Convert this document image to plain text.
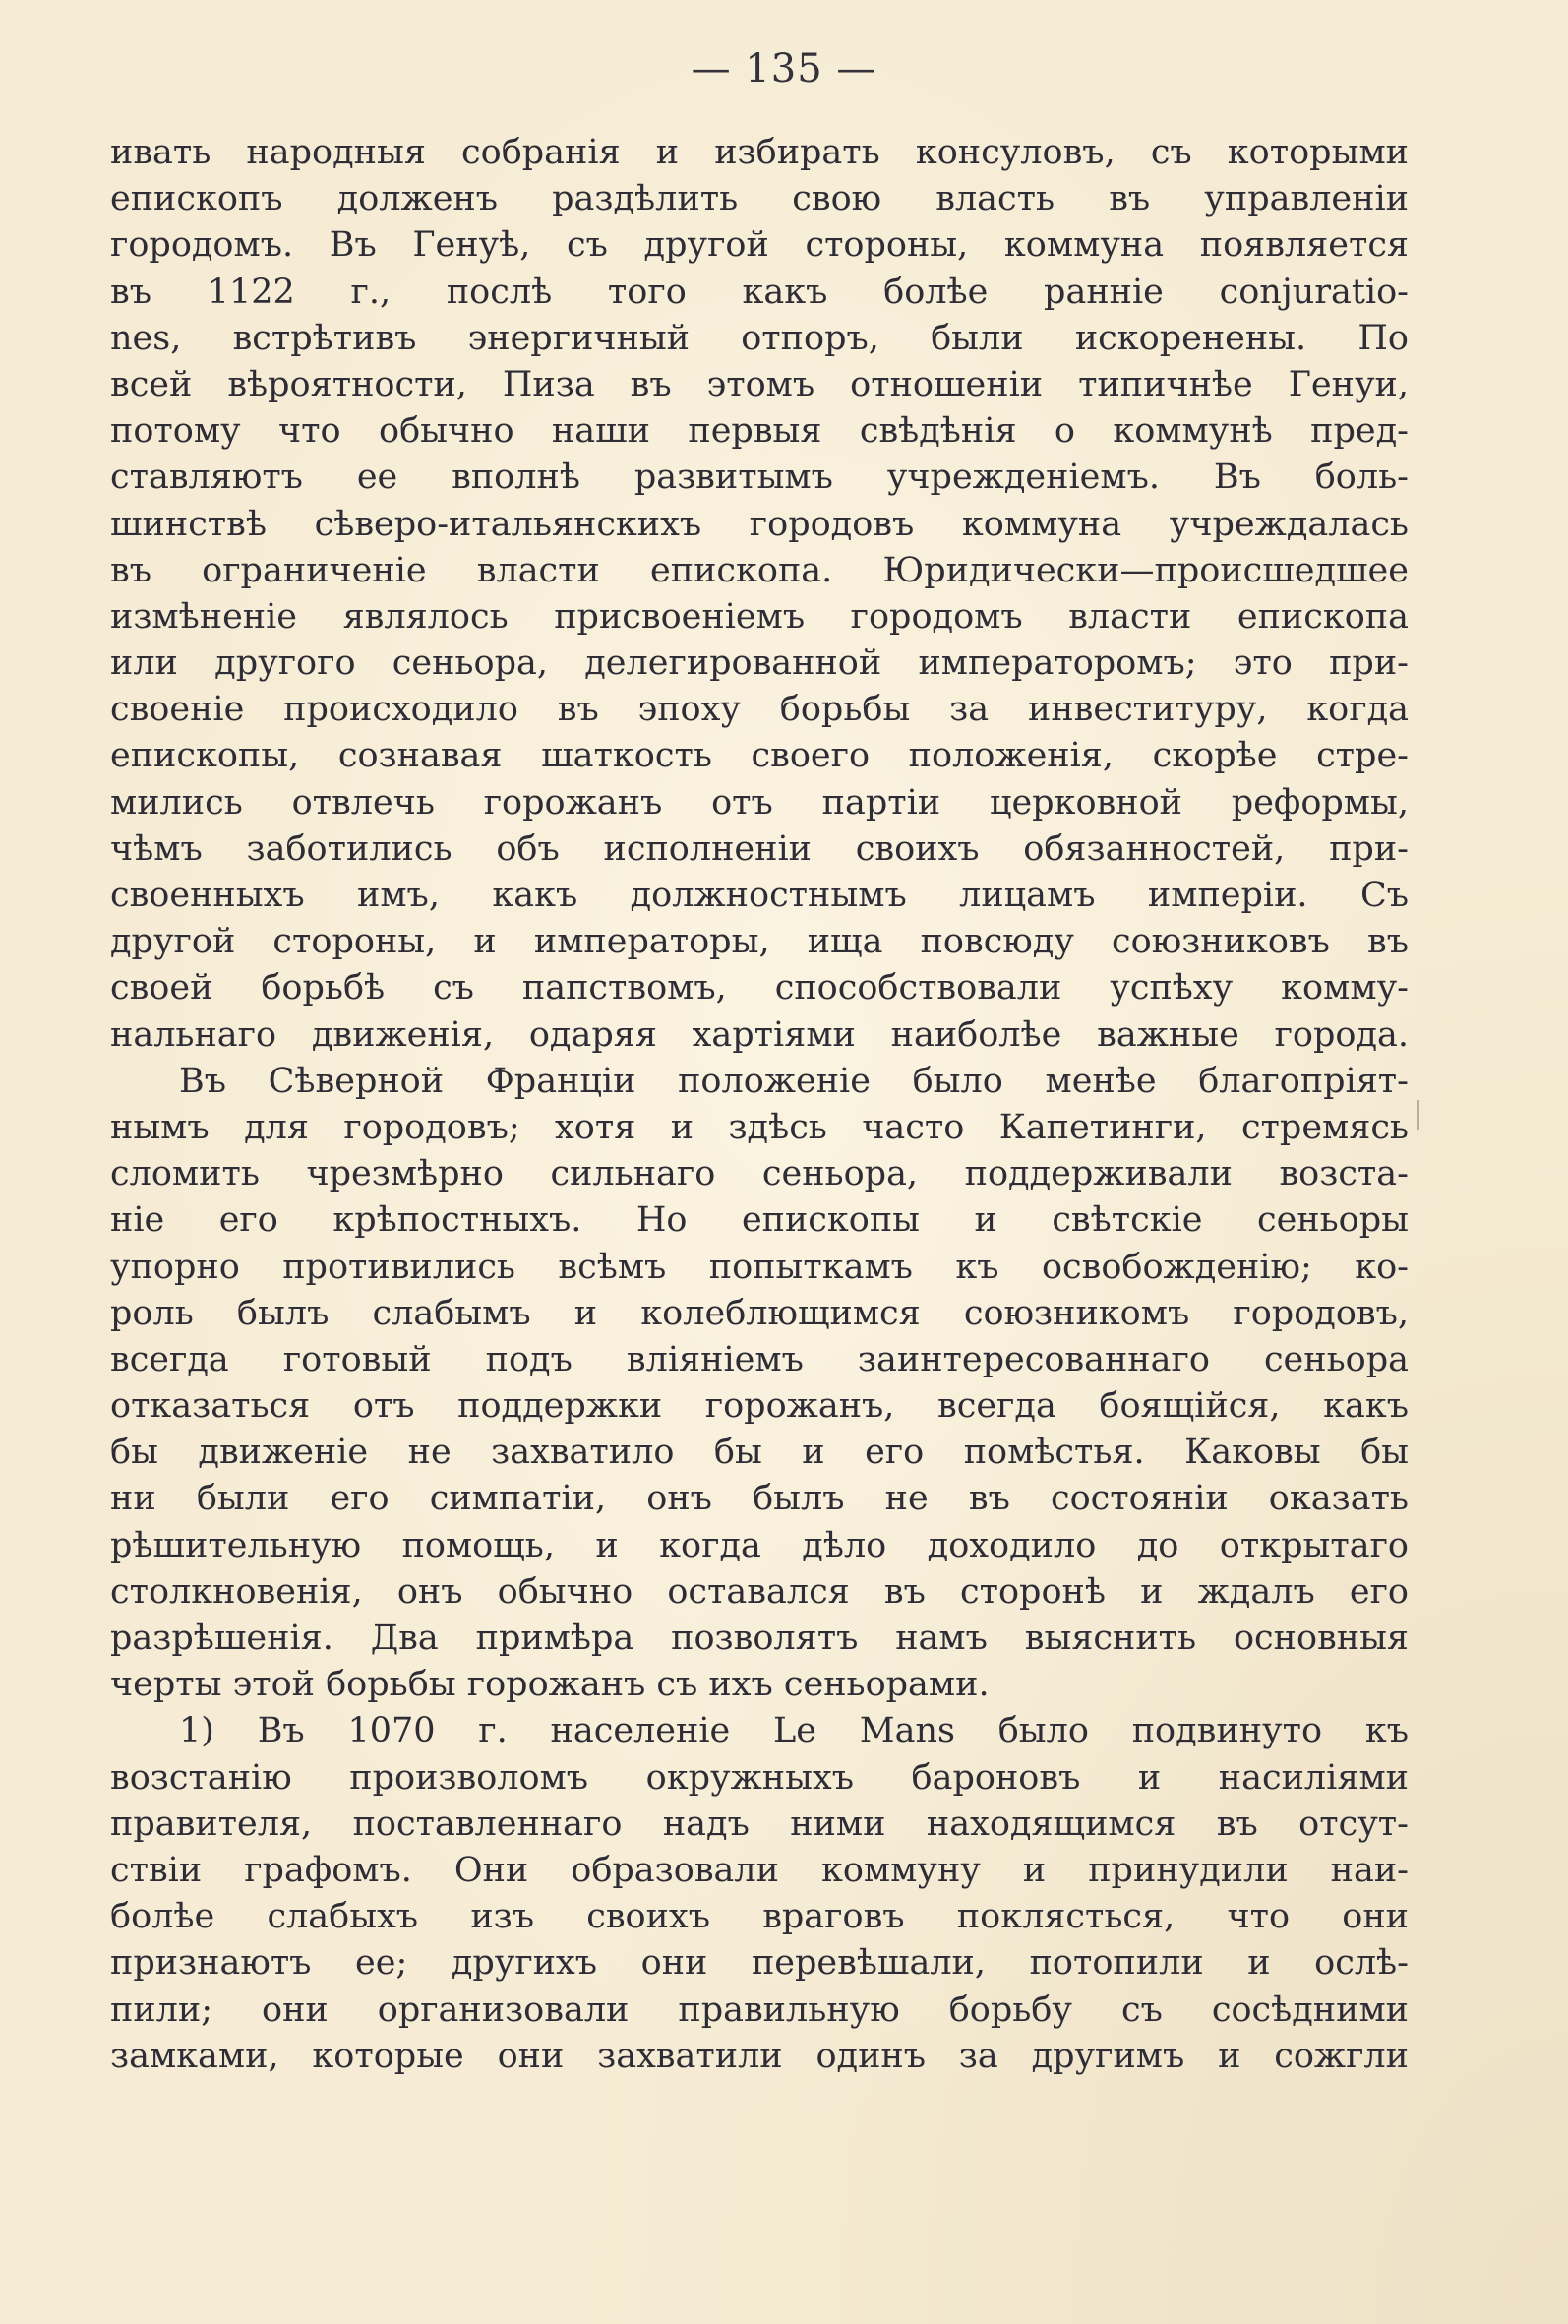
— 135 —
ивать народныя собранія и избирать консуловъ, съ которыми
епископъ долженъ раздѣлить свою власть въ управленіи
городомъ. Въ Генуѣ, съ другой стороны, коммуна появляется
въ 1122 г., послѣ того какъ болѣе ранніе conjuratio-
nes, встрѣтивъ энергичный отпоръ, были искоренены. По
всей вѣроятности, Пиза въ этомъ отношеніи типичнѣе Генуи,
потому что обычно наши первыя свѣдѣнія о коммунѣ пред-
ставляютъ ее вполнѣ развитымъ учрежденіемъ. Въ боль-
шинствѣ сѣверо-итальянскихъ городовъ коммуна учреждалась
въ ограниченіе власти епископа. Юридически—происшедшее
измѣненіе являлось присвоеніемъ городомъ власти епископа
или другого сеньора, делегированной императоромъ; это при-
своеніе происходило въ эпоху борьбы за инвеституру, когда
епископы, сознавая шаткость своего положенія, скорѣе стре-
мились отвлечь горожанъ отъ партіи церковной реформы,
чѣмъ заботились объ исполненіи своихъ обязанностей, при-
своенныхъ имъ, какъ должностнымъ лицамъ имперіи. Съ
другой стороны, и императоры, ища повсюду союзниковъ въ
своей борьбѣ съ папствомъ, способствовали успѣху комму-
нальнаго движенія, одаряя хартіями наиболѣе важные города.
Въ Сѣверной Франціи положеніе было менѣе благопріят-
нымъ для городовъ; хотя и здѣсь часто Капетинги, стремясь
сломить чрезмѣрно сильнаго сеньора, поддерживали возста-
ніе его крѣпостныхъ. Но епископы и свѣтскіе сеньоры
упорно противились всѣмъ попыткамъ къ освобожденію; ко-
роль былъ слабымъ и колеблющимся союзникомъ городовъ,
всегда готовый подъ вліяніемъ заинтересованнаго сеньора
отказаться отъ поддержки горожанъ, всегда боящійся, какъ
бы движеніе не захватило бы и его помѣстья. Каковы бы
ни были его симпатіи, онъ былъ не въ состояніи оказать
рѣшительную помощь, и когда дѣло доходило до открытаго
столкновенія, онъ обычно оставался въ сторонѣ и ждалъ его
разрѣшенія. Два примѣра позволятъ намъ выяснить основныя
черты этой борьбы горожанъ съ ихъ сеньорами.
1) Въ 1070 г. населеніе Le Mans было подвинуто къ
возстанію произволомъ окружныхъ бароновъ и насиліями
правителя, поставленнаго надъ ними находящимся въ отсут-
ствіи графомъ. Они образовали коммуну и принудили наи-
болѣе слабыхъ изъ своихъ враговъ поклясться, что они
признаютъ ее; другихъ они перевѣшали, потопили и ослѣ-
пили; они организовали правильную борьбу съ сосѣдними
замками, которые они захватили одинъ за другимъ и сожгли
